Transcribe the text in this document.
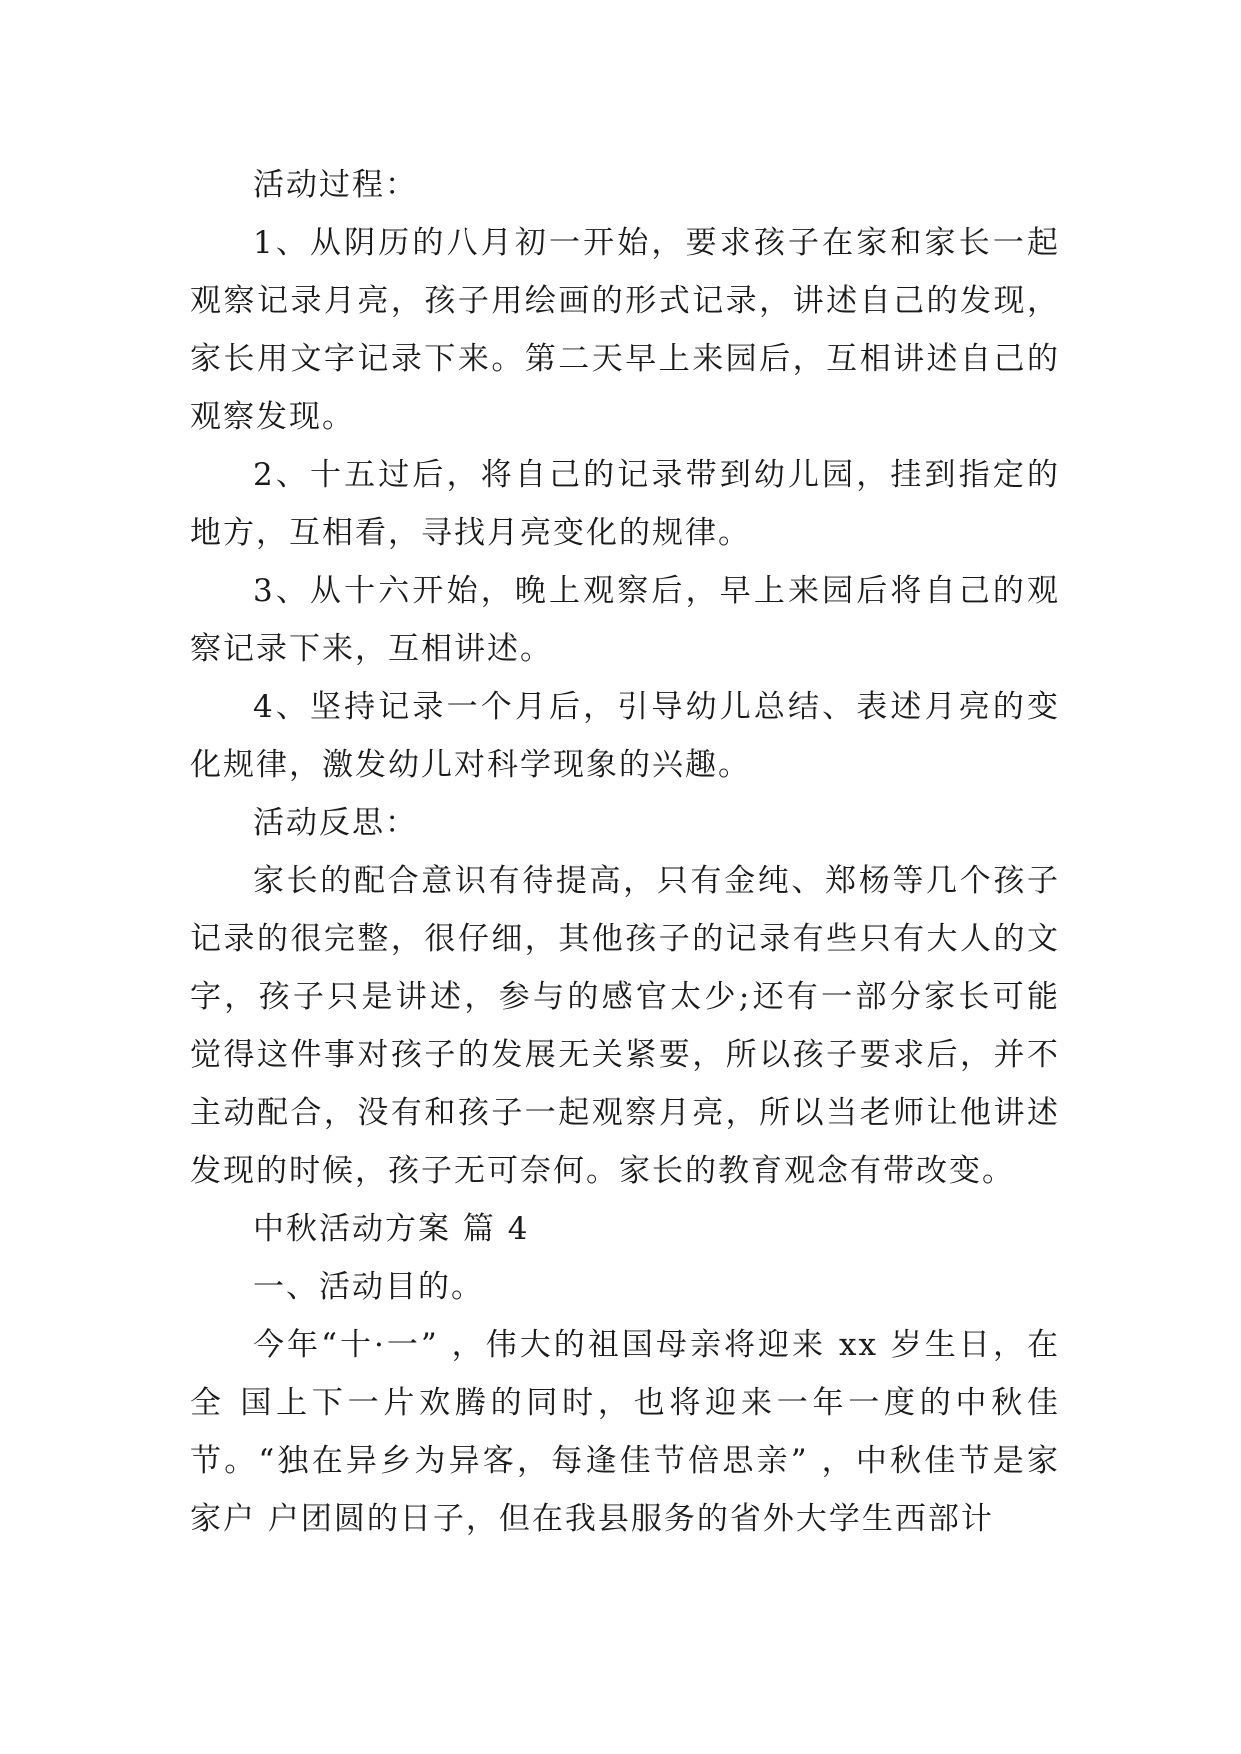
活动过程：

1、从阴历的八月初一开始，要求孩子在家和家长一起观察记录月亮，孩子用绘画的形式记录，讲述自己的发现，家长用文字记录下来。第二天早上来园后，互相讲述自己的观察发现。

2、十五过后，将自己的记录带到幼儿园，挂到指定的地方，互相看，寻找月亮变化的规律。

3、从十六开始，晚上观察后，早上来园后将自己的观察记录下来，互相讲述。

4、坚持记录一个月后，引导幼儿总结、表述月亮的变化规律，激发幼儿对科学现象的兴趣。

活动反思：

家长的配合意识有待提高，只有金纯、郑杨等几个孩子记录的很完整，很仔细，其他孩子的记录有些只有大人的文字，孩子只是讲述，参与的感官太少;还有一部分家长可能觉得这件事对孩子的发展无关紧要，所以孩子要求后，并不主动配合，没有和孩子一起观察月亮，所以当老师让他讲述发现的时候，孩子无可奈何。家长的教育观念有带改变。

中秋活动方案 篇 4

一、活动目的。

今年“十·一” ，伟大的祖国母亲将迎来 xx 岁生日，在全 国上下一片欢腾的同时，也将迎来一年一度的中秋佳节。“独在异乡为异客，每逢佳节倍思亲” ，中秋佳节是家家户 户团圆的日子，但在我县服务的省外大学生西部计
